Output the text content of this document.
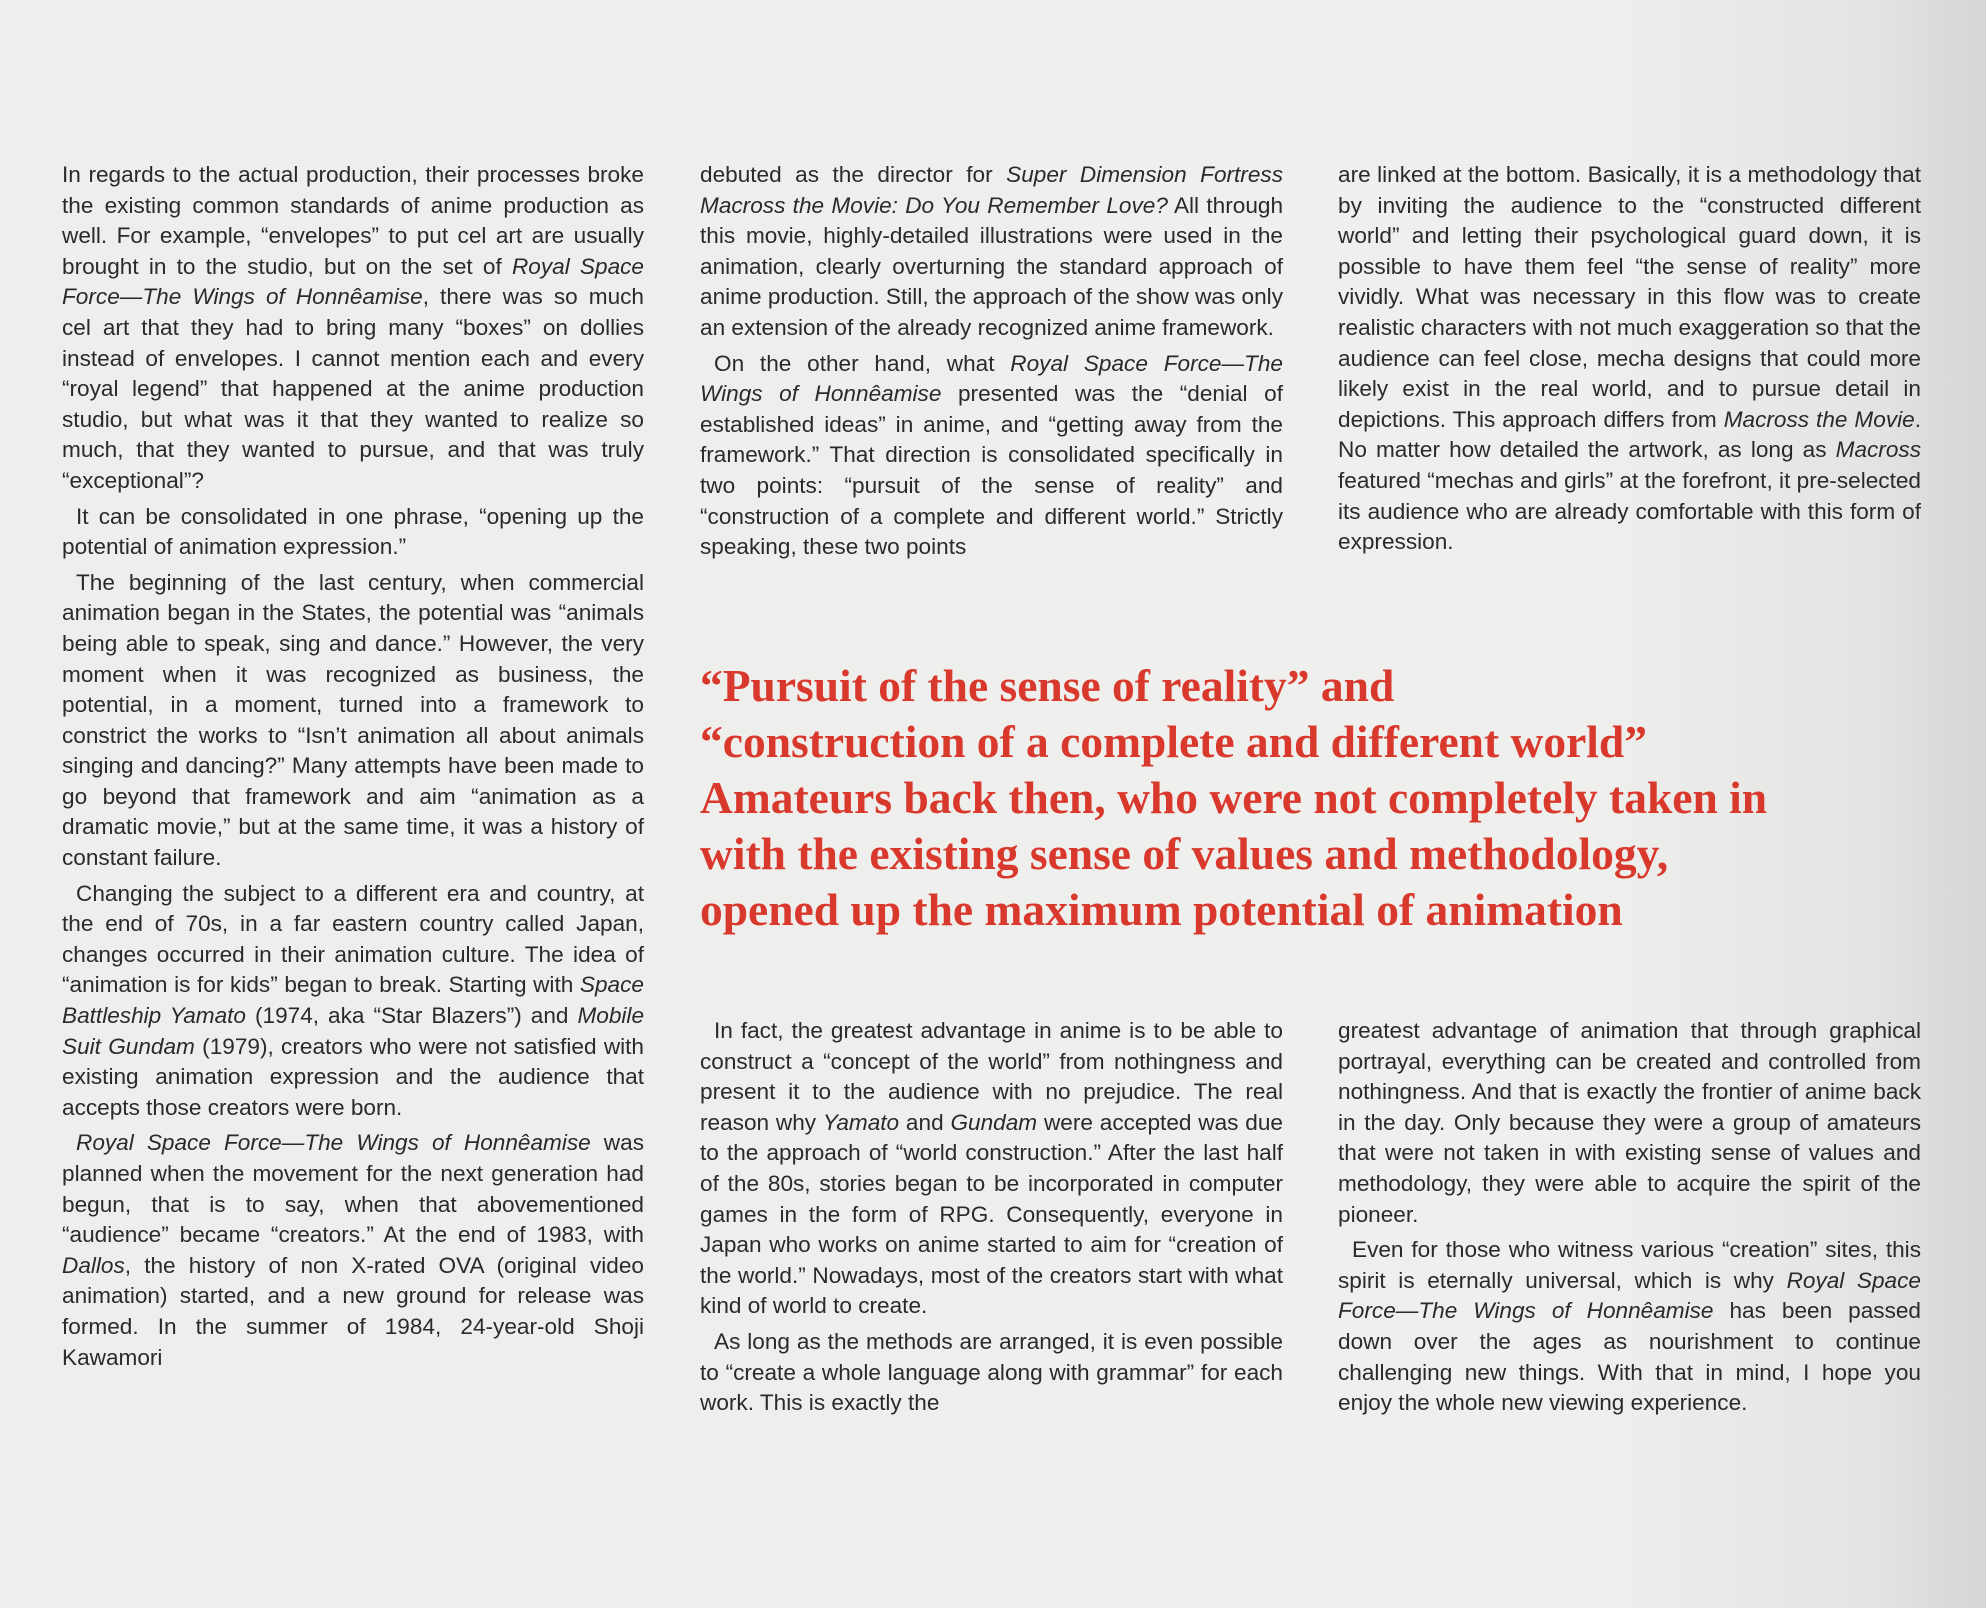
In regards to the actual production, their processes broke the existing common standards of anime production as well. For example, “envelopes” to put cel art are usually brought in to the studio, but on the set of Royal Space Force—The Wings of Honnêamise, there was so much cel art that they had to bring many “boxes” on dollies instead of envelopes. I cannot mention each and every “royal legend” that happened at the anime production studio, but what was it that they wanted to realize so much, that they wanted to pursue, and that was truly “exceptional”?

It can be consolidated in one phrase, “opening up the potential of animation expression.”

The beginning of the last century, when commercial animation began in the States, the potential was “animals being able to speak, sing and dance.” However, the very moment when it was recognized as business, the potential, in a moment, turned into a framework to constrict the works to “Isn’t animation all about animals singing and dancing?” Many attempts have been made to go beyond that framework and aim “animation as a dramatic movie,” but at the same time, it was a history of constant failure.

Changing the subject to a different era and country, at the end of 70s, in a far eastern country called Japan, changes occurred in their animation culture. The idea of “animation is for kids” began to break. Starting with Space Battleship Yamato (1974, aka “Star Blazers”) and Mobile Suit Gundam (1979), creators who were not satisfied with existing animation expression and the audience that accepts those creators were born.

Royal Space Force—The Wings of Honnêamise was planned when the movement for the next generation had begun, that is to say, when that abovementioned “audience” became “creators.” At the end of 1983, with Dallos, the history of non X-rated OVA (original video animation) started, and a new ground for release was formed. In the summer of 1984, 24-year-old Shoji Kawamori

debuted as the director for Super Dimension Fortress Macross the Movie: Do You Remember Love? All through this movie, highly-detailed illustrations were used in the animation, clearly overturning the standard approach of anime production. Still, the approach of the show was only an extension of the already recognized anime framework.

On the other hand, what Royal Space Force—The Wings of Honnêamise presented was the “denial of established ideas” in anime, and “getting away from the framework.” That direction is consolidated specifically in two points: “pursuit of the sense of reality” and “construction of a complete and different world.” Strictly speaking, these two points

are linked at the bottom. Basically, it is a methodology that by inviting the audience to the “constructed different world” and letting their psychological guard down, it is possible to have them feel “the sense of reality” more vividly. What was necessary in this flow was to create realistic characters with not much exaggeration so that the audience can feel close, mecha designs that could more likely exist in the real world, and to pursue detail in depictions. This approach differs from Macross the Movie. No matter how detailed the artwork, as long as Macross featured “mechas and girls” at the forefront, it pre-selected its audience who are already comfortable with this form of expression.

“Pursuit of the sense of reality” and
“construction of a complete and different world”
Amateurs back then, who were not completely taken in
with the existing sense of values and methodology,
opened up the maximum potential of animation

In fact, the greatest advantage in anime is to be able to construct a “concept of the world” from nothingness and present it to the audience with no prejudice. The real reason why Yamato and Gundam were accepted was due to the approach of “world construction.” After the last half of the 80s, stories began to be incorporated in computer games in the form of RPG. Consequently, everyone in Japan who works on anime started to aim for “creation of the world.” Nowadays, most of the creators start with what kind of world to create.

As long as the methods are arranged, it is even possible to “create a whole language along with grammar” for each work. This is exactly the

greatest advantage of animation that through graphical portrayal, everything can be created and controlled from nothingness. And that is exactly the frontier of anime back in the day. Only because they were a group of amateurs that were not taken in with existing sense of values and methodology, they were able to acquire the spirit of the pioneer.

Even for those who witness various “creation” sites, this spirit is eternally universal, which is why Royal Space Force—The Wings of Honnêamise has been passed down over the ages as nourishment to continue challenging new things. With that in mind, I hope you enjoy the whole new viewing experience.
